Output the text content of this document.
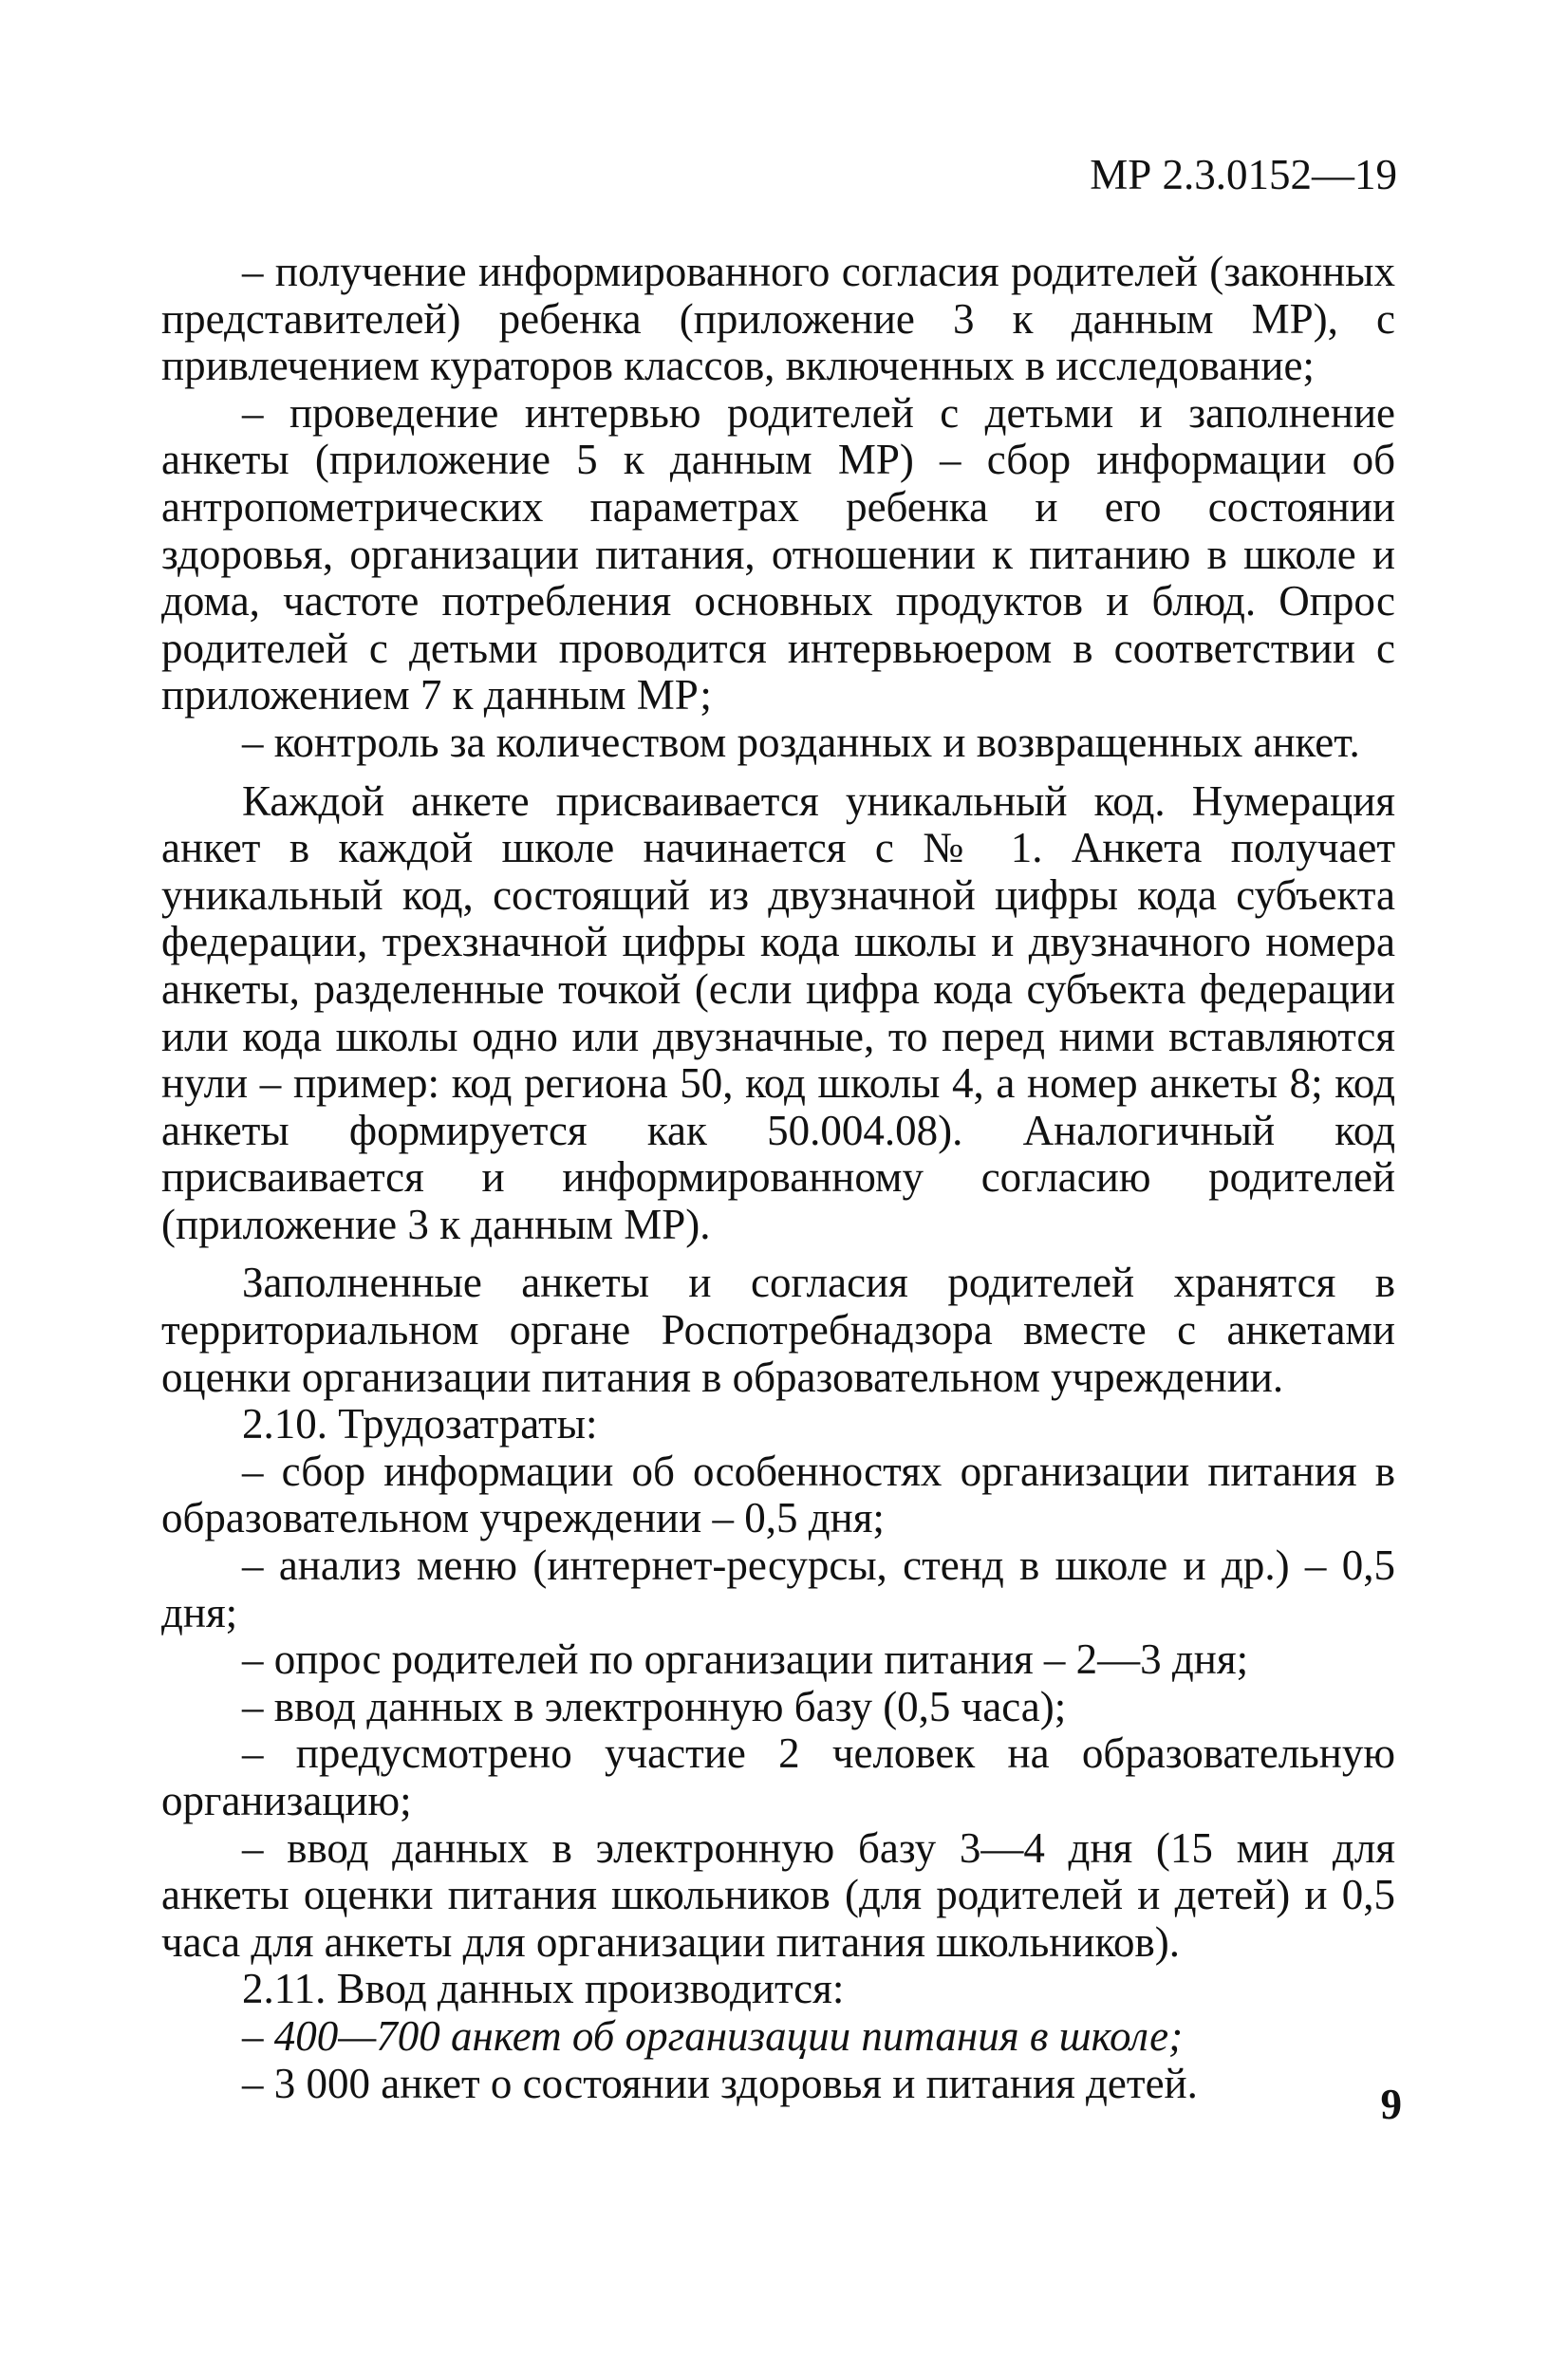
МР 2.3.0152—19

– получение информированного согласия родителей (законных представителей) ребенка (приложение 3 к данным МР), с привлечением кураторов классов, включенных в исследование;

– проведение интервью родителей с детьми и заполнение анкеты (приложение 5 к данным МР) – сбор информации об антропометрических параметрах ребенка и его состоянии здоровья, организации питания, отношении к питанию в школе и дома, частоте потребления основных продуктов и блюд. Опрос родителей с детьми проводится интервьюером в соответствии с приложением 7 к данным МР;

– контроль за количеством розданных и возвращенных анкет.

Каждой анкете присваивается уникальный код. Нумерация анкет в каждой школе начинается с № 1. Анкета получает уникальный код, состоящий из двузначной цифры кода субъекта федерации, трехзначной цифры кода школы и двузначного номера анкеты, разделенные точкой (если цифра кода субъекта федерации или кода школы одно или двузначные, то перед ними вставляются нули – пример: код региона 50, код школы 4, а номер анкеты 8; код анкеты формируется как 50.004.08). Аналогичный код присваивается и информированному согласию родителей (приложение 3 к данным МР).

Заполненные анкеты и согласия родителей хранятся в территориальном органе Роспотребнадзора вместе с анкетами оценки организации питания в образовательном учреждении.

2.10. Трудозатраты:

– сбор информации об особенностях организации питания в образовательном учреждении – 0,5 дня;

– анализ меню (интернет-ресурсы, стенд в школе и др.) – 0,5 дня;

– опрос родителей по организации питания – 2—3 дня;

– ввод данных в электронную базу (0,5 часа);

– предусмотрено участие 2 человек на образовательную организацию;

– ввод данных в электронную базу 3—4 дня (15 мин для анкеты оценки питания школьников (для родителей и детей) и 0,5 часа для анкеты для организации питания школьников).

2.11. Ввод данных производится:

– 400—700 анкет об организации питания в школе;

– 3 000 анкет о состоянии здоровья и питания детей.	9
